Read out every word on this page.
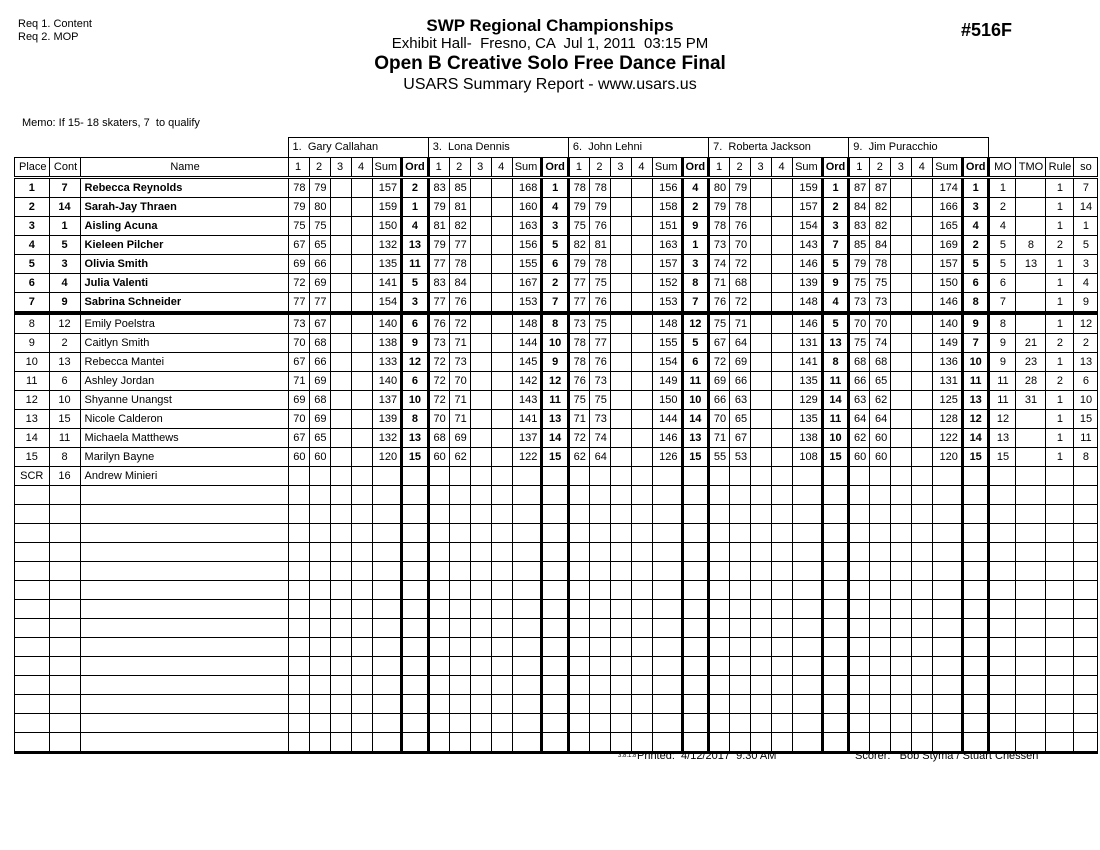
Req 1. Content
Req 2. MOP
SWP Regional Championships
Exhibit Hall-  Fresno, CA  Jul 1, 2011  03:15 PM
Open B Creative Solo Free Dance Final
USARS Summary Report - www.usars.us
#516F
Memo: If 15- 18 skaters, 7  to qualify
			1.  Gary Callahan						3.  Lona Dennis						6.  John Lehni						7.  Roberta Jackson						9.  Jim Puracchio									
Place	Cont	Name	1	2	3	4	Sum	Ord	1	2	3	4	Sum	Ord	1	2	3	4	Sum	Ord	1	2	3	4	Sum	Ord	1	2	3	4	Sum	Ord	MO	TMO	Rule	so
1	7	Rebecca Reynolds	78	79			157	2	83	85			168	1	78	78			156	4	80	79			159	1	87	87			174	1	1		1	7
2	14	Sarah-Jay Thraen	79	80			159	1	79	81			160	4	79	79			158	2	79	78			157	2	84	82			166	3	2		1	14
3	1	Aisling Acuna	75	75			150	4	81	82			163	3	75	76			151	9	78	76			154	3	83	82			165	4	4		1	1
4	5	Kieleen Pilcher	67	65			132	13	79	77			156	5	82	81			163	1	73	70			143	7	85	84			169	2	5	8	2	5
5	3	Olivia Smith	69	66			135	11	77	78			155	6	79	78			157	3	74	72			146	5	79	78			157	5	5	13	1	3
6	4	Julia Valenti	72	69			141	5	83	84			167	2	77	75			152	8	71	68			139	9	75	75			150	6	6		1	4
7	9	Sabrina Schneider	77	77			154	3	77	76			153	7	77	76			153	7	76	72			148	4	73	73			146	8	7		1	9
8	12	Emily Poelstra	73	67			140	6	76	72			148	8	73	75			148	12	75	71			146	5	70	70			140	9	8		1	12
9	2	Caitlyn Smith	70	68			138	9	73	71			144	10	78	77			155	5	67	64			131	13	75	74			149	7	9	21	2	2
10	13	Rebecca Mantei	67	66			133	12	72	73			145	9	78	76			154	6	72	69			141	8	68	68			136	10	9	23	1	13
11	6	Ashley Jordan	71	69			140	6	72	70			142	12	76	73			149	11	69	66			135	11	66	65			131	11	11	28	2	6
12	10	Shyanne Unangst	69	68			137	10	72	71			143	11	75	75			150	10	66	63			129	14	63	62			125	13	11	31	1	10
13	15	Nicole Calderon	70	69			139	8	70	71			141	13	71	73			144	14	70	65			135	11	64	64			128	12	12		1	15
14	11	Michaela Matthews	67	65			132	13	68	69			137	14	72	74			146	13	71	67			138	10	62	60			122	14	13		1	11
15	8	Marilyn Bayne	60	60			120	15	60	62			122	15	62	64			126	15	55	53			108	15	60	60			120	15	15		1	8
SCR	16	Andrew Minieri																																		

3.8.1.8 Printed:  4/12/2017  9:30 AM	Scorer:   Bob Styma / Stuart Chessen
